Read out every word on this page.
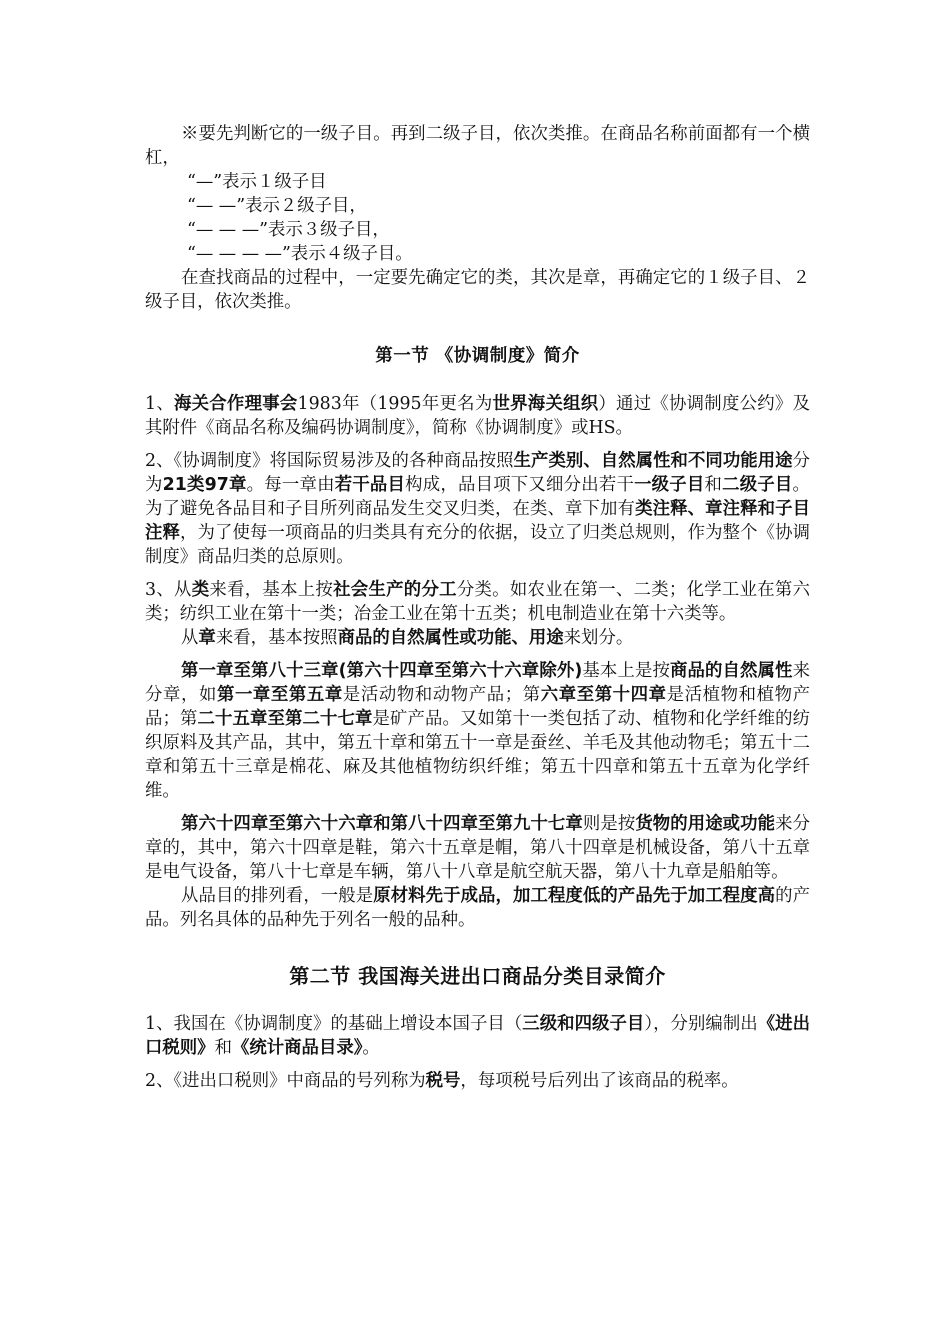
※要先判断它的一级子目。再到二级子目，依次类推。在商品名称前面都有一个横杠，

“—”表示１级子目
“— —”表示２级子目，
“— — —”表示３级子目，
“— — — —”表示４级子目。

在查找商品的过程中，一定要先确定它的类，其次是章，再确定它的１级子目、２级子目，依次类推。

第一节 《协调制度》简介

1、海关合作理事会1983年（1995年更名为世界海关组织）通过《协调制度公约》及其附件《商品名称及编码协调制度》，简称《协调制度》或HS。

2、《协调制度》将国际贸易涉及的各种商品按照生产类别、自然属性和不同功能用途分为21类97章。每一章由若干品目构成，品目项下又细分出若干一级子目和二级子目。为了避免各品目和子目所列商品发生交叉归类，在类、章下加有类注释、章注释和子目注释，为了使每一项商品的归类具有充分的依据，设立了归类总规则，作为整个《协调制度》商品归类的总原则。

3、从类来看，基本上按社会生产的分工分类。如农业在第一、二类；化学工业在第六类；纺织工业在第十一类；冶金工业在第十五类；机电制造业在第十六类等。

从章来看，基本按照商品的自然属性或功能、用途来划分。

第一章至第八十三章(第六十四章至第六十六章除外)基本上是按商品的自然属性来分章，如第一章至第五章是活动物和动物产品；第六章至第十四章是活植物和植物产品；第二十五章至第二十七章是矿产品。又如第十一类包括了动、植物和化学纤维的纺织原料及其产品，其中，第五十章和第五十一章是蚕丝、羊毛及其他动物毛；第五十二章和第五十三章是棉花、麻及其他植物纺织纤维；第五十四章和第五十五章为化学纤维。

第六十四章至第六十六章和第八十四章至第九十七章则是按货物的用途或功能来分章的，其中，第六十四章是鞋，第六十五章是帽，第八十四章是机械设备，第八十五章是电气设备，第八十七章是车辆，第八十八章是航空航天器，第八十九章是船舶等。

从品目的排列看，一般是原材料先于成品，加工程度低的产品先于加工程度高的产品。列名具体的品种先于列名一般的品种。

第二节 我国海关进出口商品分类目录简介

1、我国在《协调制度》的基础上增设本国子目（三级和四级子目），分别编制出《进出口税则》和《统计商品目录》。

2、《进出口税则》中商品的号列称为税号，每项税号后列出了该商品的税率。
